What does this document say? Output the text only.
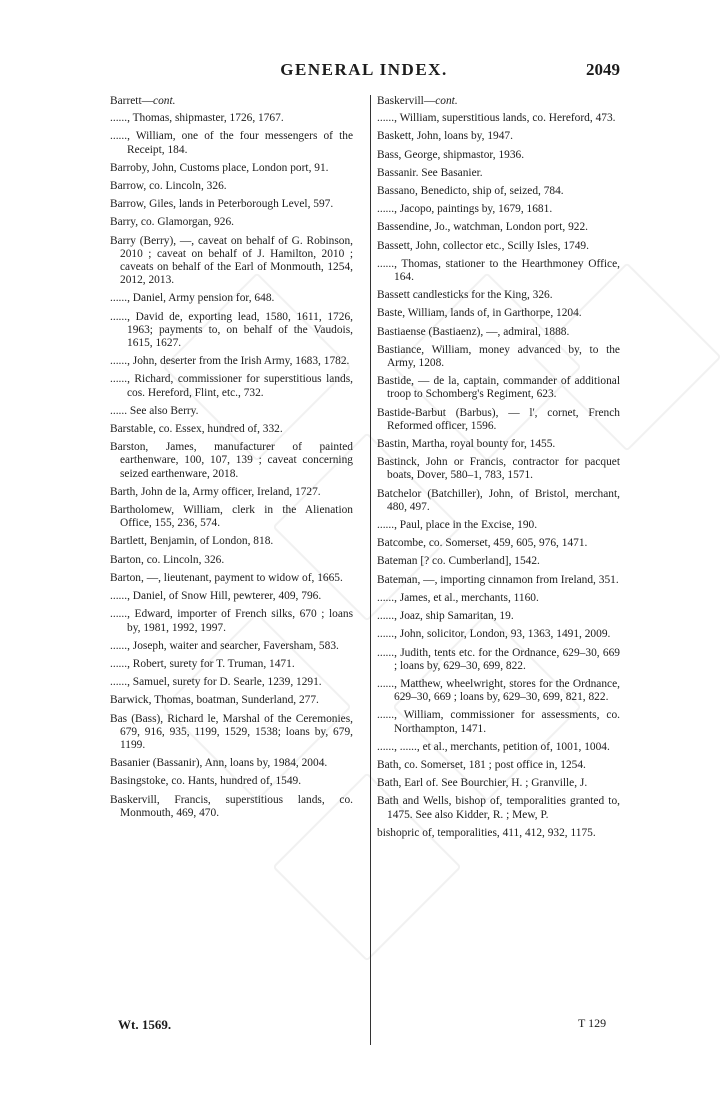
GENERAL INDEX.	2049
Barrett—cont.
......, Thomas, shipmaster, 1726, 1767.
......, William, one of the four messengers of the Receipt, 184.
Barroby, John, Customs place, London port, 91.
Barrow, co. Lincoln, 326.
Barrow, Giles, lands in Peterborough Level, 597.
Barry, co. Glamorgan, 926.
Barry (Berry), —, caveat on behalf of G. Robinson, 2010 ; caveat on behalf of J. Hamilton, 2010 ; caveats on behalf of the Earl of Monmouth, 1254, 2012, 2013.
......, Daniel, Army pension for, 648.
......, David de, exporting lead, 1580, 1611, 1726, 1963; payments to, on behalf of the Vaudois, 1615, 1627.
......, John, deserter from the Irish Army, 1683, 1782.
......, Richard, commissioner for superstitious lands, cos. Hereford, Flint, etc., 732.
...... See also Berry.
Barstable, co. Essex, hundred of, 332.
Barston, James, manufacturer of painted earthenware, 100, 107, 139 ; caveat concerning seized earthenware, 2018.
Barth, John de la, Army officer, Ireland, 1727.
Bartholomew, William, clerk in the Alienation Office, 155, 236, 574.
Bartlett, Benjamin, of London, 818.
Barton, co. Lincoln, 326.
Barton, —, lieutenant, payment to widow of, 1665.
......, Daniel, of Snow Hill, pewterer, 409, 796.
......, Edward, importer of French silks, 670 ; loans by, 1981, 1992, 1997.
......, Joseph, waiter and searcher, Faversham, 583.
......, Robert, surety for T. Truman, 1471.
......, Samuel, surety for D. Searle, 1239, 1291.
Barwick, Thomas, boatman, Sunderland, 277.
Bas (Bass), Richard le, Marshal of the Ceremonies, 679, 916, 935, 1199, 1529, 1538; loans by, 679, 1199.
Basanier (Bassanir), Ann, loans by, 1984, 2004.
Basingstoke, co. Hants, hundred of, 1549.
Baskervill, Francis, superstitious lands, co. Monmouth, 469, 470.
Baskervill—cont.
......, William, superstitious lands, co. Hereford, 473.
Baskett, John, loans by, 1947.
Bass, George, shipmastor, 1936.
Bassanir. See Basanier.
Bassano, Benedicto, ship of, seized, 784.
......, Jacopo, paintings by, 1679, 1681.
Bassendine, Jo., watchman, London port, 922.
Bassett, John, collector etc., Scilly Isles, 1749.
......, Thomas, stationer to the Hearthmoney Office, 164.
Bassett candlesticks for the King, 326.
Baste, William, lands of, in Garthorpe, 1204.
Bastiaense (Bastiaenz), —, admiral, 1888.
Bastiance, William, money advanced by, to the Army, 1208.
Bastide, — de la, captain, commander of additional troop to Schomberg's Regiment, 623.
Bastide-Barbut (Barbus), — l', cornet, French Reformed officer, 1596.
Bastin, Martha, royal bounty for, 1455.
Bastinck, John or Francis, contractor for pacquet boats, Dover, 580–1, 783, 1571.
Batchelor (Batchiller), John, of Bristol, merchant, 480, 497.
......, Paul, place in the Excise, 190.
Batcombe, co. Somerset, 459, 605, 976, 1471.
Bateman [? co. Cumberland], 1542.
Bateman, —, importing cinnamon from Ireland, 351.
......, James, et al., merchants, 1160.
......, Joaz, ship Samaritan, 19.
......, John, solicitor, London, 93, 1363, 1491, 2009.
......, Judith, tents etc. for the Ordnance, 629–30, 669 ; loans by, 629–30, 699, 822.
......, Matthew, wheelwright, stores for the Ordnance, 629–30, 669 ; loans by, 629–30, 699, 821, 822.
......, William, commissioner for assessments, co. Northampton, 1471.
......, ......, et al., merchants, petition of, 1001, 1004.
Bath, co. Somerset, 181 ; post office in, 1254.
Bath, Earl of. See Bourchier, H. ; Granville, J.
Bath and Wells, bishop of, temporalities granted to, 1475. See also Kidder, R. ; Mew, P.
bishopric of, temporalities, 411, 412, 932, 1175.
Wt. 1569.	T 129
